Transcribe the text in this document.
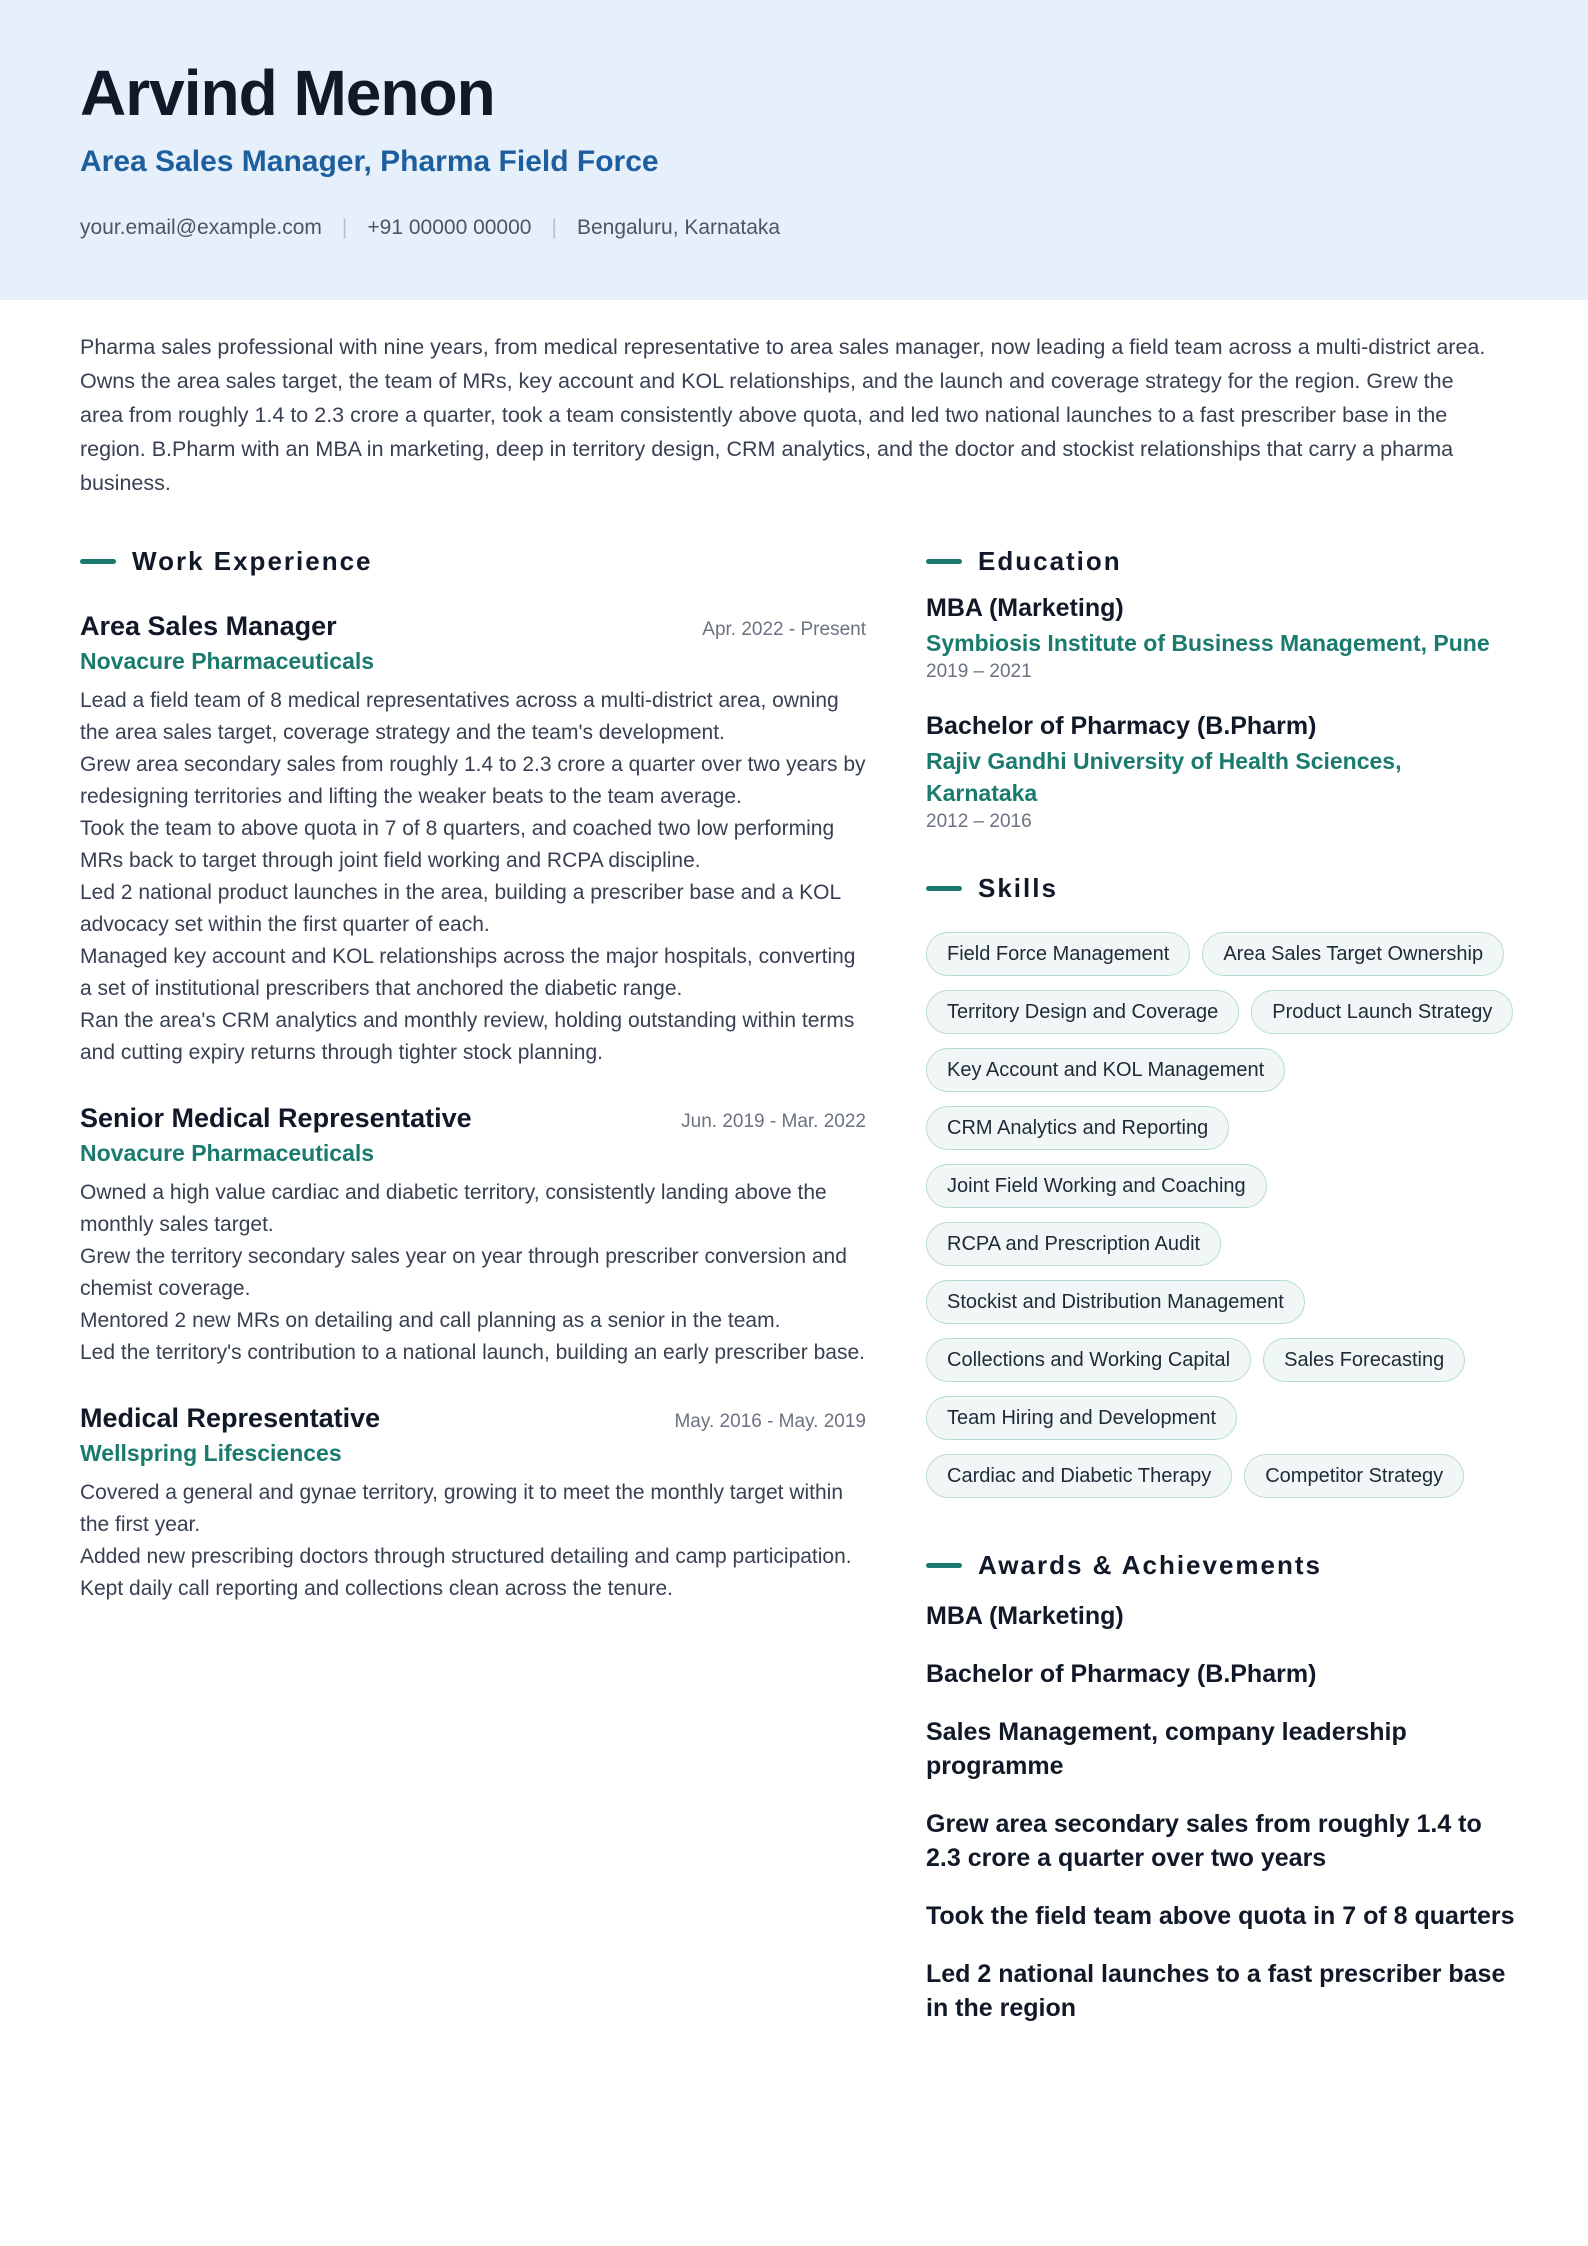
Arvind Menon
Area Sales Manager, Pharma Field Force
your.email@example.com | +91 00000 00000 | Bengaluru, Karnataka

Pharma sales professional with nine years, from medical representative to area sales manager, now leading a field team across a multi-district area. Owns the area sales target, the team of MRs, key account and KOL relationships, and the launch and coverage strategy for the region. Grew the area from roughly 1.4 to 2.3 crore a quarter, took a team consistently above quota, and led two national launches to a fast prescriber base in the region. B.Pharm with an MBA in marketing, deep in territory design, CRM analytics, and the doctor and stockist relationships that carry a pharma business.

Work Experience
Area Sales Manager	Apr. 2022 - Present
Novacure Pharmaceuticals
Lead a field team of 8 medical representatives across a multi-district area, owning the area sales target, coverage strategy and the team's development.
Grew area secondary sales from roughly 1.4 to 2.3 crore a quarter over two years by redesigning territories and lifting the weaker beats to the team average.
Took the team to above quota in 7 of 8 quarters, and coached two low performing MRs back to target through joint field working and RCPA discipline.
Led 2 national product launches in the area, building a prescriber base and a KOL advocacy set within the first quarter of each.
Managed key account and KOL relationships across the major hospitals, converting a set of institutional prescribers that anchored the diabetic range.
Ran the area's CRM analytics and monthly review, holding outstanding within terms and cutting expiry returns through tighter stock planning.
Senior Medical Representative	Jun. 2019 - Mar. 2022
Novacure Pharmaceuticals
Owned a high value cardiac and diabetic territory, consistently landing above the monthly sales target.
Grew the territory secondary sales year on year through prescriber conversion and chemist coverage.
Mentored 2 new MRs on detailing and call planning as a senior in the team.
Led the territory's contribution to a national launch, building an early prescriber base.
Medical Representative	May. 2016 - May. 2019
Wellspring Lifesciences
Covered a general and gynae territory, growing it to meet the monthly target within the first year.
Added new prescribing doctors through structured detailing and camp participation.
Kept daily call reporting and collections clean across the tenure.
Education
MBA (Marketing)
Symbiosis Institute of Business Management, Pune
2019 – 2021
Bachelor of Pharmacy (B.Pharm)
Rajiv Gandhi University of Health Sciences, Karnataka
2012 – 2016
Skills
Field Force Management	Area Sales Target Ownership
Territory Design and Coverage	Product Launch Strategy
Key Account and KOL Management
CRM Analytics and Reporting
Joint Field Working and Coaching
RCPA and Prescription Audit
Stockist and Distribution Management
Collections and Working Capital	Sales Forecasting
Team Hiring and Development
Cardiac and Diabetic Therapy	Competitor Strategy
Awards & Achievements
MBA (Marketing)
Bachelor of Pharmacy (B.Pharm)
Sales Management, company leadership programme
Grew area secondary sales from roughly 1.4 to 2.3 crore a quarter over two years
Took the field team above quota in 7 of 8 quarters
Led 2 national launches to a fast prescriber base in the region
